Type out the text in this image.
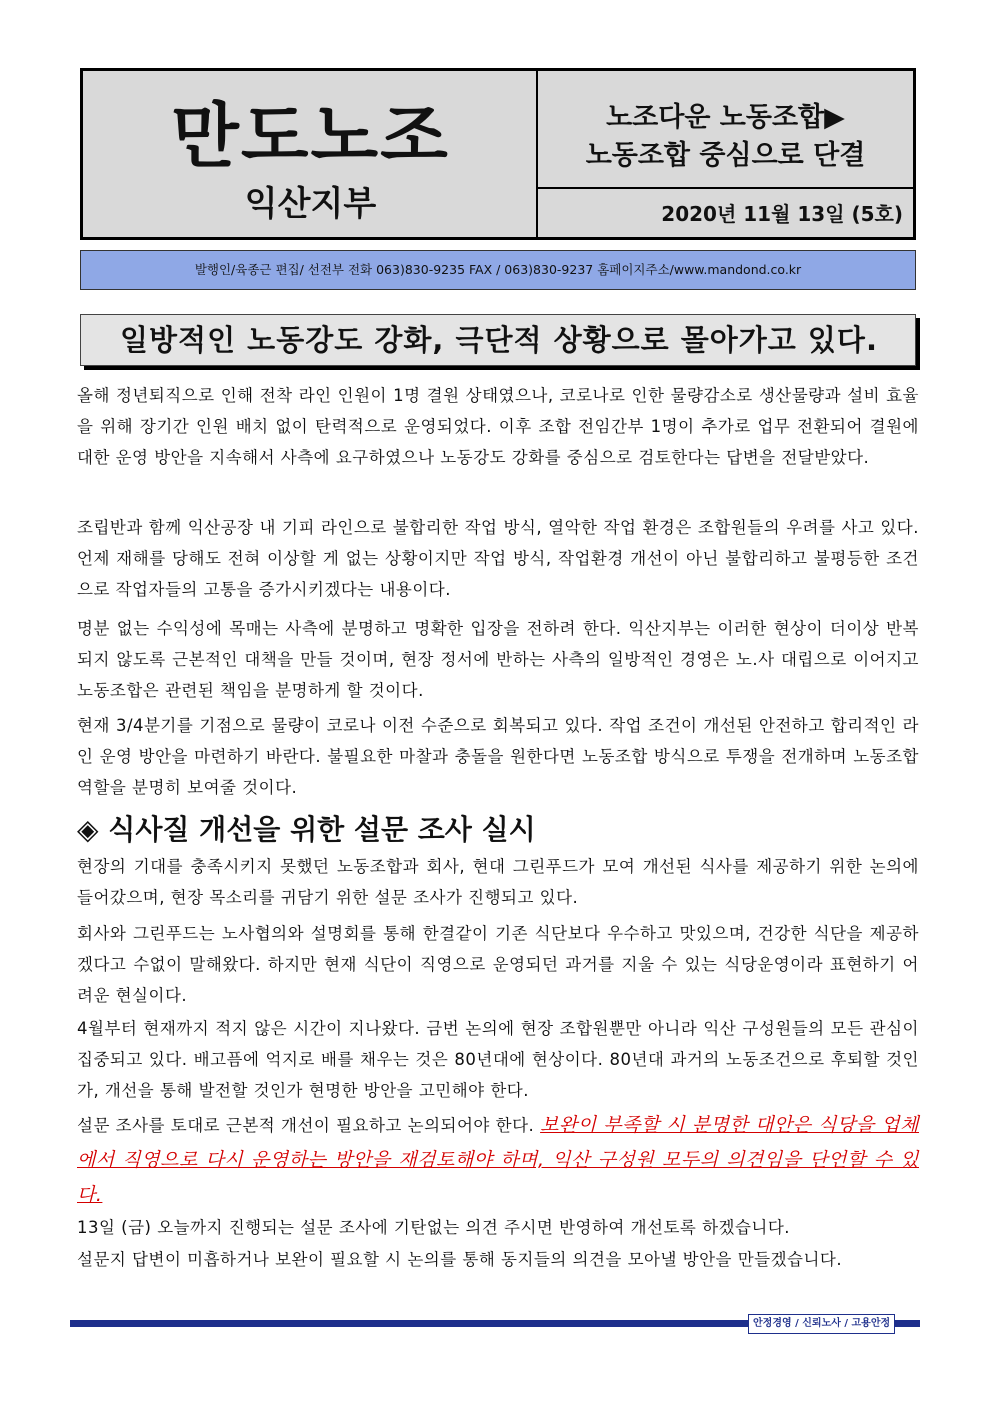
만도노조
익산지부
노조다운 노동조합▶
노동조합 중심으로 단결
2020년 11월 13일 (5호)
발행인/육종근 편집/ 선전부 전화 063)830-9235 FAX / 063)830-9237 홈페이지주소/www.mandond.co.kr
일방적인 노동강도 강화, 극단적 상황으로 몰아가고 있다.
올해 정년퇴직으로 인해 전착 라인 인원이 1명 결원 상태였으나, 코로나로 인한 물량감소로 생산물량과 설비 효율을 위해 장기간 인원 배치 없이 탄력적으로 운영되었다. 이후 조합 전임간부 1명이 추가로 업무 전환되어 결원에 대한 운영 방안을 지속해서 사측에 요구하였으나 노동강도 강화를 중심으로 검토한다는 답변을 전달받았다.
조립반과 함께 익산공장 내 기피 라인으로 불합리한 작업 방식, 열악한 작업 환경은 조합원들의 우려를 사고 있다. 언제 재해를 당해도 전혀 이상할 게 없는 상황이지만 작업 방식, 작업환경 개선이 아닌 불합리하고 불평등한 조건으로 작업자들의 고통을 증가시키겠다는 내용이다.
명분 없는 수익성에 목매는 사측에 분명하고 명확한 입장을 전하려 한다. 익산지부는 이러한 현상이 더이상 반복되지 않도록 근본적인 대책을 만들 것이며, 현장 정서에 반하는 사측의 일방적인 경영은 노.사 대립으로 이어지고 노동조합은 관련된 책임을 분명하게 할 것이다.
현재 3/4분기를 기점으로 물량이 코로나 이전 수준으로 회복되고 있다. 작업 조건이 개선된 안전하고 합리적인 라인 운영 방안을 마련하기 바란다. 불필요한 마찰과 충돌을 원한다면 노동조합 방식으로 투쟁을 전개하며 노동조합 역할을 분명히 보여줄 것이다.
◈ 식사질 개선을 위한 설문 조사 실시
현장의 기대를 충족시키지 못했던 노동조합과 회사, 현대 그린푸드가 모여 개선된 식사를 제공하기 위한 논의에 들어갔으며, 현장 목소리를 귀담기 위한 설문 조사가 진행되고 있다.
회사와 그린푸드는 노사협의와 설명회를 통해 한결같이 기존 식단보다 우수하고 맛있으며, 건강한 식단을 제공하겠다고 수없이 말해왔다. 하지만 현재 식단이 직영으로 운영되던 과거를 지울 수 있는 식당운영이라 표현하기 어려운 현실이다.
4월부터 현재까지 적지 않은 시간이 지나왔다. 금번 논의에 현장 조합원뿐만 아니라 익산 구성원들의 모든 관심이 집중되고 있다. 배고픔에 억지로 배를 채우는 것은 80년대에 현상이다. 80년대 과거의 노동조건으로 후퇴할 것인가, 개선을 통해 발전할 것인가 현명한 방안을 고민해야 한다.
설문 조사를 토대로 근본적 개선이 필요하고 논의되어야 한다. 보완이 부족할 시 분명한 대안은 식당을 업체에서 직영으로 다시 운영하는 방안을 재검토해야 하며, 익산 구성원 모두의 의견임을 단언할 수 있다.
13일 (금) 오늘까지 진행되는 설문 조사에 기탄없는 의견 주시면 반영하여 개선토록 하겠습니다.
설문지 답변이 미흡하거나 보완이 필요할 시 논의를 통해 동지들의 의견을 모아낼 방안을 만들겠습니다.
안정경영 / 신뢰노사 / 고용안정
